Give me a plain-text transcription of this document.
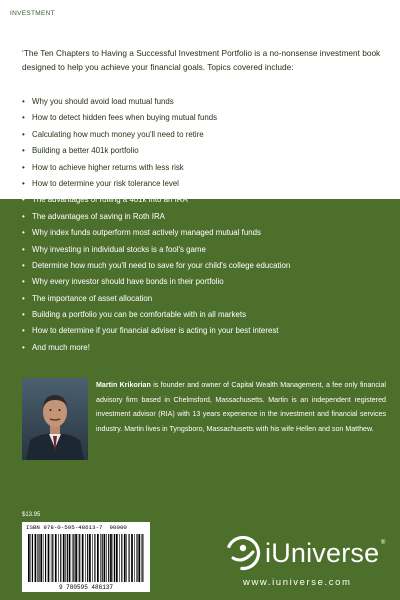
INVESTMENT

‘The Ten Chapters to Having a Successful Investment Portfolio is a no-nonsense investment book designed to help you achieve your financial goals. Topics covered include:

• Why you should avoid load mutual funds
• How to detect hidden fees when buying mutual funds
• Calculating how much money you'll need to retire
• Building a better 401k portfolio
• How to achieve higher returns with less risk
• How to determine your risk tolerance level
• The advantages of rolling a 401k into an IRA
• The advantages of saving in Roth IRA
• Why index funds outperform most actively managed mutual funds
• Why investing in individual stocks is a fool's game
• Determine how much you'll need to save for your child's college education
• Why every investor should have bonds in their portfolio
• The importance of asset allocation
• Building a portfolio you can be comfortable with in all markets
• How to determine if your financial adviser is acting in your best interest
• And much more!

Martin Krikorian is founder and owner of Capital Wealth Management, a fee only financial advisory firm based in Chelmsford, Massachusetts. Martin is an independent registered investment advisor (RIA) with 13 years experience in the investment and financial services industry. Martin lives in Tyngsboro, Massachusetts with his wife Hellen and son Matthew.

$13.95
ISBN 978-0-595-48613-7 90000
9 780595 486137
iUniverse ®
www.iuniverse.com
